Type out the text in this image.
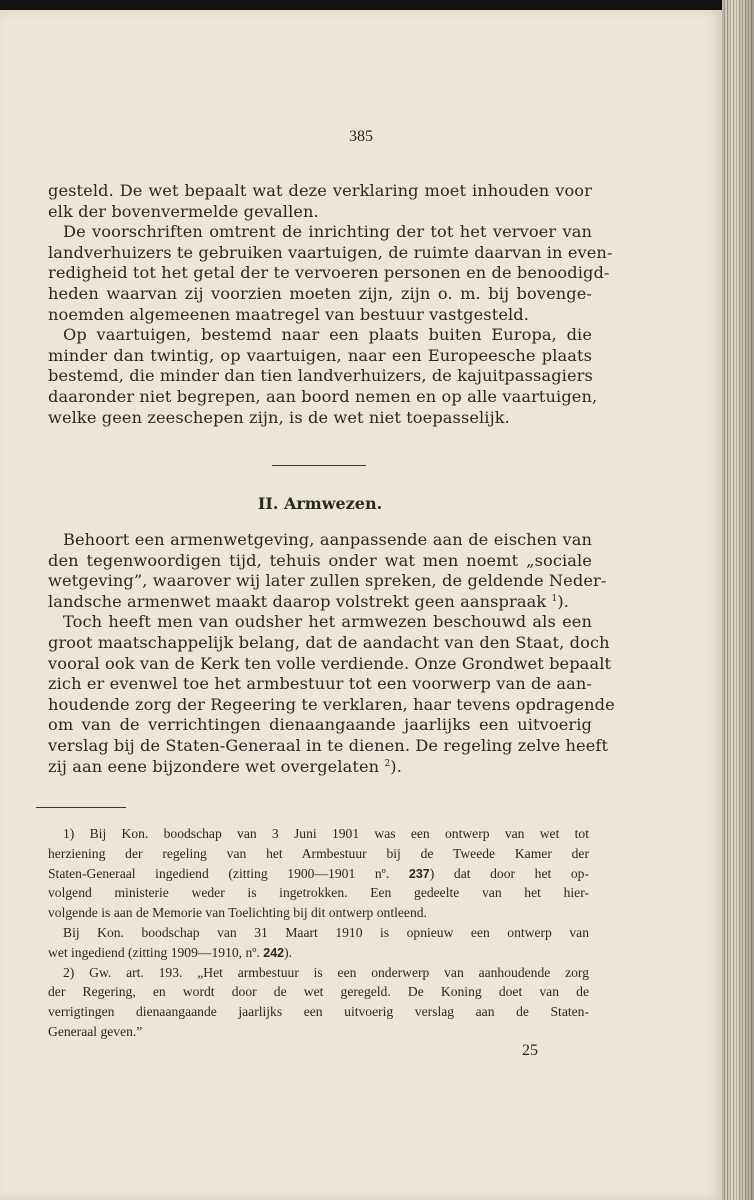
385
gesteld. De wet bepaalt wat deze verklaring moet inhouden voor
elk der bovenvermelde gevallen.
De voorschriften omtrent de inrichting der tot het vervoer van
landverhuizers te gebruiken vaartuigen, de ruimte daarvan in even-
redigheid tot het getal der te vervoeren personen en de benoodigd-
heden waarvan zij voorzien moeten zijn, zijn o. m. bij bovenge-
noemden algemeenen maatregel van bestuur vastgesteld.
Op vaartuigen, bestemd naar een plaats buiten Europa, die
minder dan twintig, op vaartuigen, naar een Europeesche plaats
bestemd, die minder dan tien landverhuizers, de kajuitpassagiers
daaronder niet begrepen, aan boord nemen en op alle vaartuigen,
welke geen zeeschepen zijn, is de wet niet toepasselijk.
II. Armwezen.
Behoort een armenwetgeving, aanpassende aan de eischen van
den tegenwoordigen tijd, tehuis onder wat men noemt „sociale
wetgeving”, waarover wij later zullen spreken, de geldende Neder-
landsche armenwet maakt daarop volstrekt geen aanspraak $^1$).
Toch heeft men van oudsher het armwezen beschouwd als een
groot maatschappelijk belang, dat de aandacht van den Staat, doch
vooral ook van de Kerk ten volle verdiende. Onze Grondwet bepaalt
zich er evenwel toe het armbestuur tot een voorwerp van de aan-
houdende zorg der Regeering te verklaren, haar tevens opdragende
om van de verrichtingen dienaangaande jaarlijks een uitvoerig
verslag bij de Staten-Generaal in te dienen. De regeling zelve heeft
zij aan eene bijzondere wet overgelaten $^2$).
1) Bij Kon. boodschap van 3 Juni 1901 was een ontwerp van wet tot
herziening der regeling van het Armbestuur bij de Tweede Kamer der
Staten-Generaal ingediend (zitting 1900—1901 nº. 237) dat door het op-
volgend ministerie weder is ingetrokken. Een gedeelte van het hier-
volgende is aan de Memorie van Toelichting bij dit ontwerp ontleend.
Bij Kon. boodschap van 31 Maart 1910 is opnieuw een ontwerp van
wet ingediend (zitting 1909—1910, nº. 242).
2) Gw. art. 193. „Het armbestuur is een onderwerp van aanhoudende zorg
der Regering, en wordt door de wet geregeld. De Koning doet van de
verrigtingen dienaangaande jaarlijks een uitvoerig verslag aan de Staten-
Generaal geven.”
25
